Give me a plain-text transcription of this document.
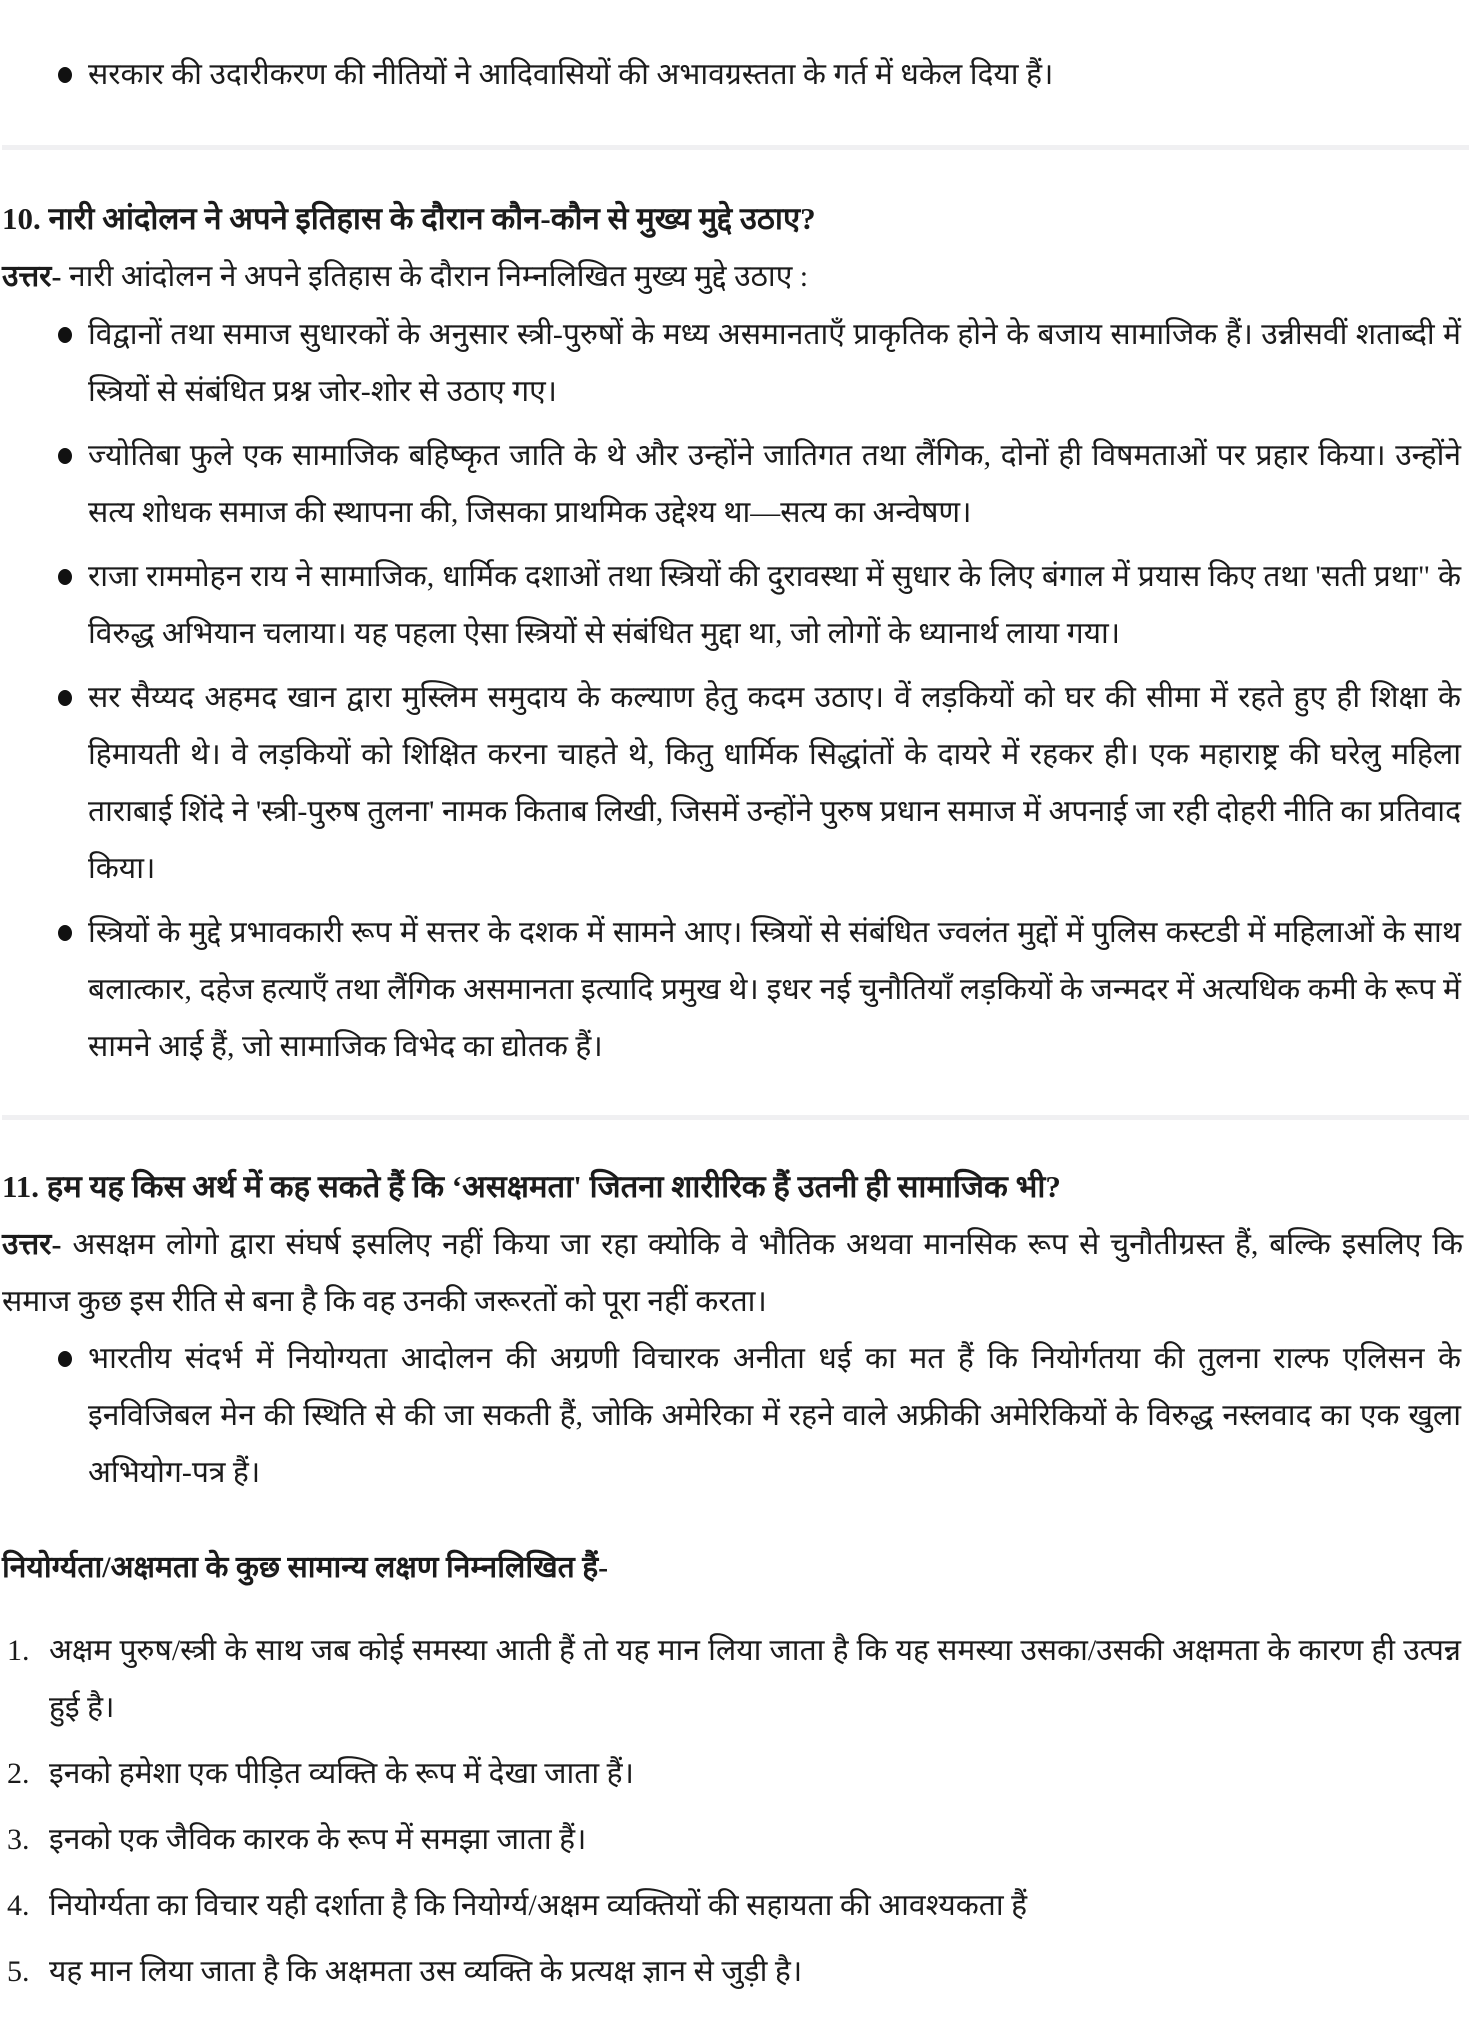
सरकार की उदारीकरण की नीतियों ने आदिवासियों की अभावग्रस्तता के गर्त में धकेल दिया हैं।
10. नारी आंदोलन ने अपने इतिहास के दौरान कौन-कौन से मुख्य मुद्दे उठाए?

उत्तर- नारी आंदोलन ने अपने इतिहास के दौरान निम्नलिखित मुख्य मुद्दे उठाए :

विद्वानों तथा समाज सुधारकों के अनुसार स्त्री-पुरुषों के मध्य असमानताएँ प्राकृतिक होने के बजाय सामाजिक हैं। उन्नीसवीं शताब्दी में स्त्रियों से संबंधित प्रश्न जोर-शोर से उठाए गए।
ज्योतिबा फुले एक सामाजिक बहिष्कृत जाति के थे और उन्होंने जातिगत तथा लैंगिक, दोनों ही विषमताओं पर प्रहार किया। उन्होंने सत्य शोधक समाज की स्थापना की, जिसका प्राथमिक उद्देश्य था—सत्य का अन्वेषण।
राजा राममोहन राय ने सामाजिक, धार्मिक दशाओं तथा स्त्रियों की दुरावस्था में सुधार के लिए बंगाल में प्रयास किए तथा 'सती प्रथा" के विरुद्ध अभियान चलाया। यह पहला ऐसा स्त्रियों से संबंधित मुद्दा था, जो लोगों के ध्यानार्थ लाया गया।
सर सैय्यद अहमद खान द्वारा मुस्लिम समुदाय के कल्याण हेतु कदम उठाए। वें लड़कियों को घर की सीमा में रहते हुए ही शिक्षा के हिमायती थे। वे लड़कियों को शिक्षित करना चाहते थे, कितु धार्मिक सिद्धांतों के दायरे में रहकर ही। एक महाराष्ट्र की घरेलु महिला ताराबाई शिंदे ने 'स्त्री-पुरुष तुलना' नामक किताब लिखी, जिसमें उन्होंने पुरुष प्रधान समाज में अपनाई जा रही दोहरी नीति का प्रतिवाद किया।
स्त्रियों के मुद्दे प्रभावकारी रूप में सत्तर के दशक में सामने आए। स्त्रियों से संबंधित ज्वलंत मुद्दों में पुलिस कस्टडी में महिलाओं के साथ बलात्कार, दहेज हत्याएँ तथा लैंगिक असमानता इत्यादि प्रमुख थे। इधर नई चुनौतियाँ लड़कियों के जन्मदर में अत्यधिक कमी के रूप में सामने आई हैं, जो सामाजिक विभेद का द्योतक हैं।
11. हम यह किस अर्थ में कह सकते हैं कि ‘असक्षमता' जितना शारीरिक हैं उतनी ही सामाजिक भी?

उत्तर- असक्षम लोगो द्वारा संघर्ष इसलिए नहीं किया जा रहा क्योकि वे भौतिक अथवा मानसिक रूप से चुनौतीग्रस्त हैं, बल्कि इसलिए कि समाज कुछ इस रीति से बना है कि वह उनकी जरूरतों को पूरा नहीं करता।

भारतीय संदर्भ में नियोग्यता आदोलन की अग्रणी विचारक अनीता धई का मत हैं कि नियोर्गतया की तुलना राल्फ एलिसन के इनविजिबल मेन की स्थिति से की जा सकती हैं, जोकि अमेरिका में रहने वाले अफ्रीकी अमेरिकियों के विरुद्ध नस्लवाद का एक खुला अभियोग-पत्र हैं।
नियोर्ग्यता/अक्षमता के कुछ सामान्य लक्षण निम्नलिखित हैं-
1. अक्षम पुरुष/स्त्री के साथ जब कोई समस्या आती हैं तो यह मान लिया जाता है कि यह समस्या उसका/उसकी अक्षमता के कारण ही उत्पन्न हुई है।
2. इनको हमेशा एक पीड़ित व्यक्ति के रूप में देखा जाता हैं।
3. इनको एक जैविक कारक के रूप में समझा जाता हैं।
4. नियोर्ग्यता का विचार यही दर्शाता है कि नियोर्ग्य/अक्षम व्यक्तियों की सहायता की आवश्यकता हैं
5. यह मान लिया जाता है कि अक्षमता उस व्यक्ति के प्रत्यक्ष ज्ञान से जुड़ी है।
